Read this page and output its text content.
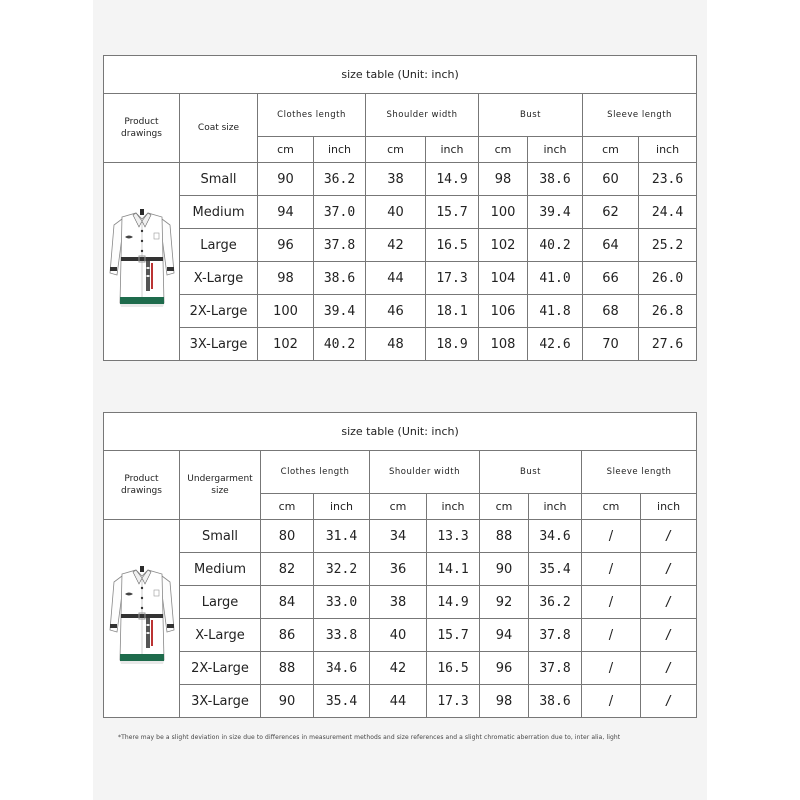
size table (Unit: inch)									
Product drawings	Coat size	Clothes length		Shoulder width		Bust		Sleeve length	
		cm	inch	cm	inch	cm	inch	cm	inch

	Small	90	36.2	38	14.9	98	38.6	60	23.6
	Medium	94	37.0	40	15.7	100	39.4	62	24.4
	Large	96	37.8	42	16.5	102	40.2	64	25.2
	X-Large	98	38.6	44	17.3	104	41.0	66	26.0
	2X-Large	100	39.4	46	18.1	106	41.8	68	26.8
	3X-Large	102	40.2	48	18.9	108	42.6	70	27.6
size table (Unit: inch)									
Product drawings	Undergarment size	Clothes length		Shoulder width		Bust		Sleeve length	
		cm	inch	cm	inch	cm	inch	cm	inch

	Small	80	31.4	34	13.3	88	34.6	/	/
	Medium	82	32.2	36	14.1	90	35.4	/	/
	Large	84	33.0	38	14.9	92	36.2	/	/
	X-Large	86	33.8	40	15.7	94	37.8	/	/
	2X-Large	88	34.6	42	16.5	96	37.8	/	/
	3X-Large	90	35.4	44	17.3	98	38.6	/	/
*There may be a slight deviation in size due to differences in measurement methods and size references and a slight chromatic aberration due to, inter alia, light
